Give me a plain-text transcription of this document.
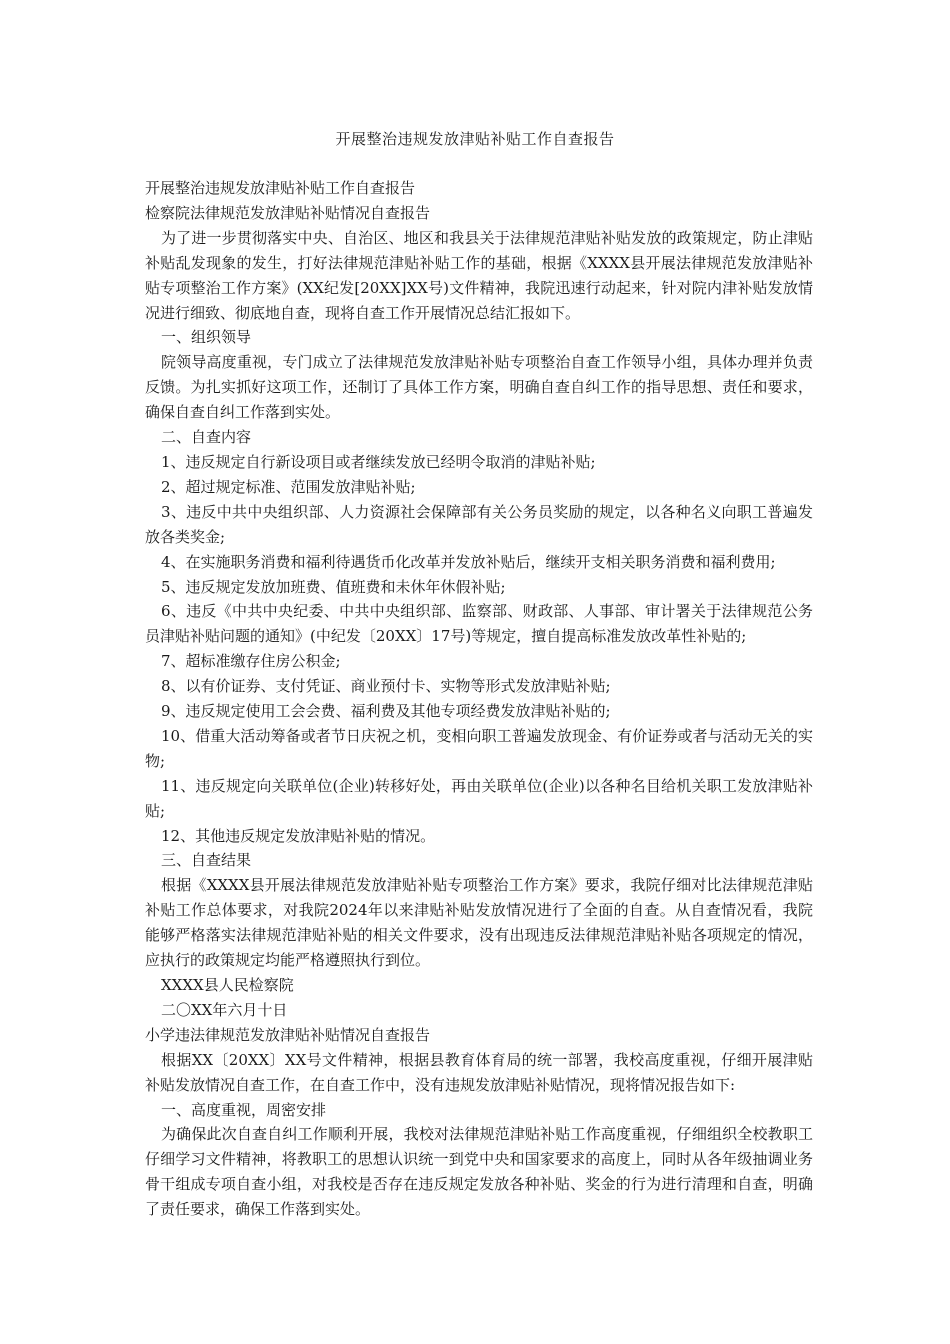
开展整治违规发放津贴补贴工作自查报告

开展整治违规发放津贴补贴工作自查报告

检察院法律规范发放津贴补贴情况自查报告

为了进一步贯彻落实中央、自治区、地区和我县关于法律规范津贴补贴发放的政策规定，防止津贴补贴乱发现象的发生，打好法律规范津贴补贴工作的基础，根据《XXXX县开展法律规范发放津贴补贴专项整治工作方案》(XX纪发[20XX]XX号)文件精神，我院迅速行动起来，针对院内津补贴发放情况进行细致、彻底地自查，现将自查工作开展情况总结汇报如下。

一、组织领导

院领导高度重视，专门成立了法律规范发放津贴补贴专项整治自查工作领导小组，具体办理并负责反馈。为扎实抓好这项工作，还制订了具体工作方案，明确自查自纠工作的指导思想、责任和要求，确保自查自纠工作落到实处。

二、自查内容

1、违反规定自行新设项目或者继续发放已经明令取消的津贴补贴;

2、超过规定标准、范围发放津贴补贴;

3、违反中共中央组织部、人力资源社会保障部有关公务员奖励的规定，以各种名义向职工普遍发放各类奖金;

4、在实施职务消费和福利待遇货币化改革并发放补贴后，继续开支相关职务消费和福利费用;

5、违反规定发放加班费、值班费和未休年休假补贴;

6、违反《中共中央纪委、中共中央组织部、监察部、财政部、人事部、审计署关于法律规范公务员津贴补贴问题的通知》(中纪发〔20XX〕17号)等规定，擅自提高标准发放改革性补贴的;

7、超标准缴存住房公积金;

8、以有价证券、支付凭证、商业预付卡、实物等形式发放津贴补贴;

9、违反规定使用工会会费、福利费及其他专项经费发放津贴补贴的;

10、借重大活动筹备或者节日庆祝之机，变相向职工普遍发放现金、有价证券或者与活动无关的实物;

11、违反规定向关联单位(企业)转移好处，再由关联单位(企业)以各种名目给机关职工发放津贴补贴;

12、其他违反规定发放津贴补贴的情况。

三、自查结果

根据《XXXX县开展法律规范发放津贴补贴专项整治工作方案》要求，我院仔细对比法律规范津贴补贴工作总体要求，对我院2024年以来津贴补贴发放情况进行了全面的自查。从自查情况看，我院能够严格落实法律规范津贴补贴的相关文件要求，没有出现违反法律规范津贴补贴各项规定的情况，应执行的政策规定均能严格遵照执行到位。

XXXX县人民检察院

二〇XX年六月十日

小学违法律规范发放津贴补贴情况自查报告

根据XX〔20XX〕XX号文件精神，根据县教育体育局的统一部署，我校高度重视，仔细开展津贴补贴发放情况自查工作，在自查工作中，没有违规发放津贴补贴情况，现将情况报告如下:

一、高度重视，周密安排

为确保此次自查自纠工作顺利开展，我校对法律规范津贴补贴工作高度重视，仔细组织全校教职工仔细学习文件精神，将教职工的思想认识统一到党中央和国家要求的高度上，同时从各年级抽调业务骨干组成专项自查小组，对我校是否存在违反规定发放各种补贴、奖金的行为进行清理和自查，明确了责任要求，确保工作落到实处。
